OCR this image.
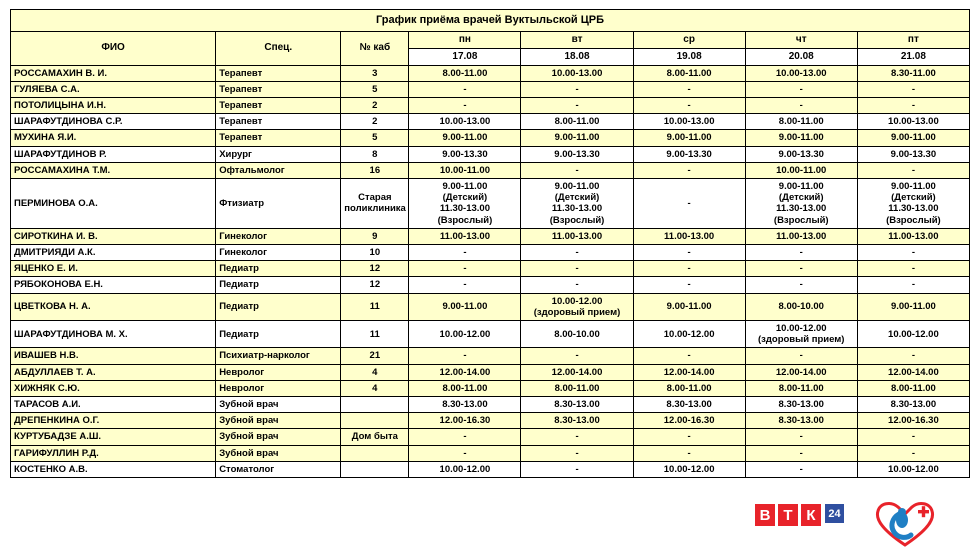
График приёма врачей Вуктыльской ЦРБ							
ФИО	Спец.	№ каб	пн	вт	ср	чт	пт
			17.08	18.08	19.08	20.08	21.08
РОССАМАХИН В. И.	Терапевт	3	8.00-11.00	10.00-13.00	8.00-11.00	10.00-13.00	8.30-11.00
ГУЛЯЕВА С.А.	Терапевт	5	-	-	-	-	-
ПОТОЛИЦЫНА И.Н.	Терапевт	2	-	-	-	-	-
ШАРАФУТДИНОВА С.Р.	Терапевт	2	10.00-13.00	8.00-11.00	10.00-13.00	8.00-11.00	10.00-13.00
МУХИНА Я.И.	Терапевт	5	9.00-11.00	9.00-11.00	9.00-11.00	9.00-11.00	9.00-11.00
ШАРАФУТДИНОВ Р.	Хирург	8	9.00-13.30	9.00-13.30	9.00-13.30	9.00-13.30	9.00-13.30
РОССАМАХИНА Т.М.	Офтальмолог	16	10.00-11.00	-	-	10.00-11.00	-
ПЕРМИНОВА О.А.	Фтизиатр	Старая поликлиника	9.00-11.00
(Детский)
11.30-13.00
(Взрослый)	9.00-11.00
(Детский)
11.30-13.00
(Взрослый)	-	9.00-11.00
(Детский)
11.30-13.00
(Взрослый)	9.00-11.00
(Детский)
11.30-13.00
(Взрослый)
СИРОТКИНА И. В.	Гинеколог	9	11.00-13.00	11.00-13.00	11.00-13.00	11.00-13.00	11.00-13.00
ДМИТРИЯДИ А.К.	Гинеколог	10	-	-	-	-	-
ЯЦЕНКО Е. И.	Педиатр	12	-	-	-	-	-
РЯБОКОНОВА Е.Н.	Педиатр	12	-	-	-	-	-
ЦВЕТКОВА Н. А.	Педиатр	11	9.00-11.00	10.00-12.00
(здоровый прием)	9.00-11.00	8.00-10.00	9.00-11.00
ШАРАФУТДИНОВА М. Х.	Педиатр	11	10.00-12.00	8.00-10.00	10.00-12.00	10.00-12.00
(здоровый прием)	10.00-12.00
ИВАШЕВ Н.В.	Психиатр-нарколог	21	-	-	-	-	-
АБДУЛЛАЕВ Т. А.	Невролог	4	12.00-14.00	12.00-14.00	12.00-14.00	12.00-14.00	12.00-14.00
ХИЖНЯК С.Ю.	Невролог	4	8.00-11.00	8.00-11.00	8.00-11.00	8.00-11.00	8.00-11.00
ТАРАСОВ А.И.	Зубной врач		8.30-13.00	8.30-13.00	8.30-13.00	8.30-13.00	8.30-13.00
ДРЕПЕНКИНА О.Г.	Зубной врач		12.00-16.30	8.30-13.00	12.00-16.30	8.30-13.00	12.00-16.30
КУРТУБАДЗЕ А.Ш.	Зубной врач	Дом быта	-	-	-	-	-
ГАРИФУЛЛИН Р.Д.	Зубной врач		-	-	-	-	-
КОСТЕНКО А.В.	Стоматолог		10.00-12.00	-	10.00-12.00	-	10.00-12.00
В Т К	24
